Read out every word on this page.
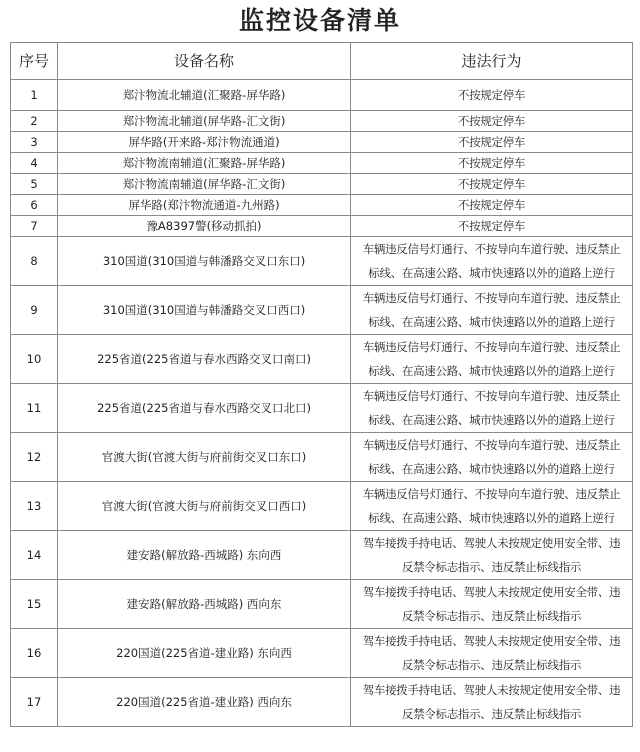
监控设备清单
序号	设备名称	违法行为
1	郑汴物流北辅道(汇聚路-屏华路)	不按规定停车

2	郑汴物流北辅道(屏华路-汇文街)	不按规定停车

3	屏华路(开来路-郑汴物流通道)	不按规定停车

4	郑汴物流南辅道(汇聚路-屏华路)	不按规定停车

5	郑汴物流南辅道(屏华路-汇文街)	不按规定停车

6	屏华路(郑汴物流通道-九州路)	不按规定停车

7	豫A8397警(移动抓拍)	不按规定停车

8	310国道(310国道与韩潘路交叉口东口)	车辆违反信号灯通行、不按导向车道行驶、违反禁止
标线、在高速公路、城市快速路以外的道路上逆行

9	310国道(310国道与韩潘路交叉口西口)	车辆违反信号灯通行、不按导向车道行驶、违反禁止
标线、在高速公路、城市快速路以外的道路上逆行

10	225省道(225省道与春水西路交叉口南口)	车辆违反信号灯通行、不按导向车道行驶、违反禁止
标线、在高速公路、城市快速路以外的道路上逆行

11	225省道(225省道与春水西路交叉口北口)	车辆违反信号灯通行、不按导向车道行驶、违反禁止
标线、在高速公路、城市快速路以外的道路上逆行

12	官渡大街(官渡大街与府前街交叉口东口)	车辆违反信号灯通行、不按导向车道行驶、违反禁止
标线、在高速公路、城市快速路以外的道路上逆行

13	官渡大街(官渡大街与府前街交叉口西口)	车辆违反信号灯通行、不按导向车道行驶、违反禁止
标线、在高速公路、城市快速路以外的道路上逆行

14	建安路(解放路-西城路) 东向西	驾车接拨手持电话、驾驶人未按规定使用安全带、违
反禁令标志指示、违反禁止标线指示

15	建安路(解放路-西城路) 西向东	驾车接拨手持电话、驾驶人未按规定使用安全带、违
反禁令标志指示、违反禁止标线指示

16	220国道(225省道-建业路) 东向西	驾车接拨手持电话、驾驶人未按规定使用安全带、违
反禁令标志指示、违反禁止标线指示

17	220国道(225省道-建业路) 西向东	驾车接拨手持电话、驾驶人未按规定使用安全带、违
反禁令标志指示、违反禁止标线指示
